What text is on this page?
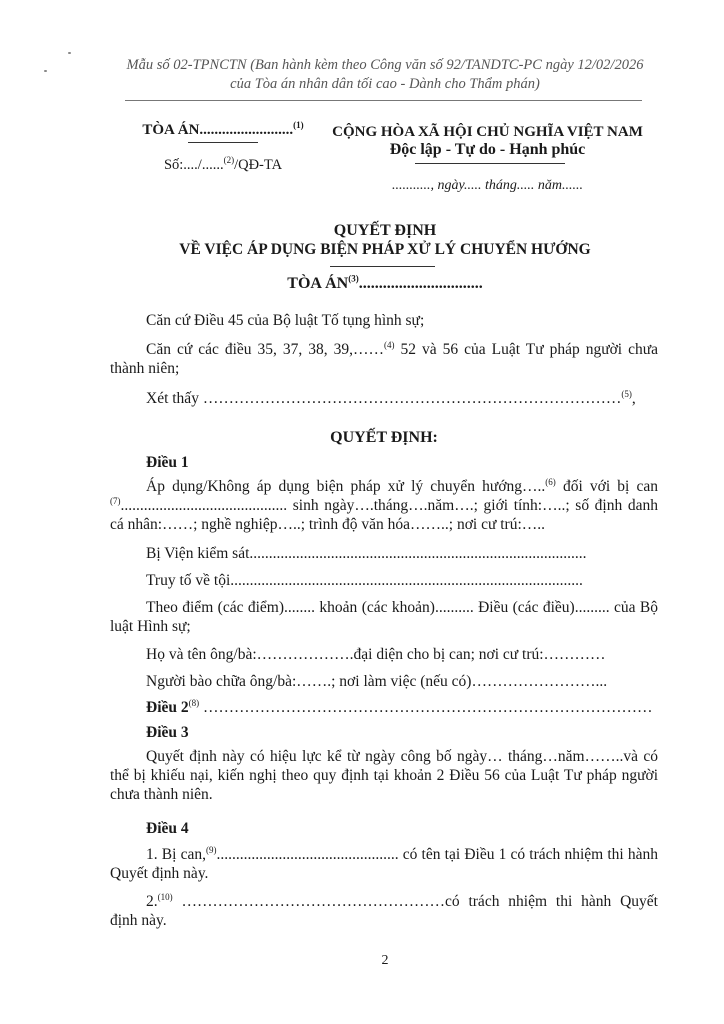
Mẫu số 02-TPNCTN (Ban hành kèm theo Công văn số 92/TANDTC-PC ngày 12/02/2026
của Tòa án nhân dân tối cao - Dành cho Thẩm phán)
TÒA ÁN.........................$^{(1)}$
Số:..../......$^{(2)}$/QĐ-TA
CỘNG HÒA XÃ HỘI CHỦ NGHĨA VIỆT NAM
Độc lập - Tự do - Hạnh phúc
..........., ngày..... tháng..... năm......
QUYẾT ĐỊNH
VỀ VIỆC ÁP DỤNG BIỆN PHÁP XỬ LÝ CHUYỂN HƯỚNG
TÒA ÁN$^{(3)}$...............................
Căn cứ Điều 45 của Bộ luật Tố tụng hình sự;
Căn cứ các điều 35, 37, 38, 39,……$^{(4)}$ 52 và 56 của Luật Tư pháp người chưa thành niên;
Xét thấy ………………………………………………………………………$^{(5)}$,
QUYẾT ĐỊNH:
Điều 1
Áp dụng/Không áp dụng biện pháp xử lý chuyển hướng…..$^{(6)}$ đối với bị can $^{(7)}$........................................... sinh ngày….tháng….năm….; giới tính:…..; số định danh cá nhân:……; nghề nghiệp…..; trình độ văn hóa……..; nơi cư trú:…..
Bị Viện kiểm sát.......................................................................................
Truy tố về tội...........................................................................................
Theo điểm (các điểm)........ khoản (các khoản).......... Điều (các điều)......... của Bộ luật Hình sự;
Họ và tên ông/bà:……………….đại diện cho bị can; nơi cư trú:…………
Người bào chữa ông/bà:…….; nơi làm việc (nếu có)……………………...
Điều 2$^{(8)}$ ……………………………………………………………………………
Điều 3
Quyết định này có hiệu lực kể từ ngày công bố ngày… tháng…năm……..và có thể bị khiếu nại, kiến nghị theo quy định tại khoản 2 Điều 56 của Luật Tư pháp người chưa thành niên.
Điều 4
1. Bị can,$^{(9)}$............................................... có tên tại Điều 1 có trách nhiệm thi hành Quyết định này.
2.$^{(10)}$ ……………………………………………có trách nhiệm thi hành Quyết định này.
2
